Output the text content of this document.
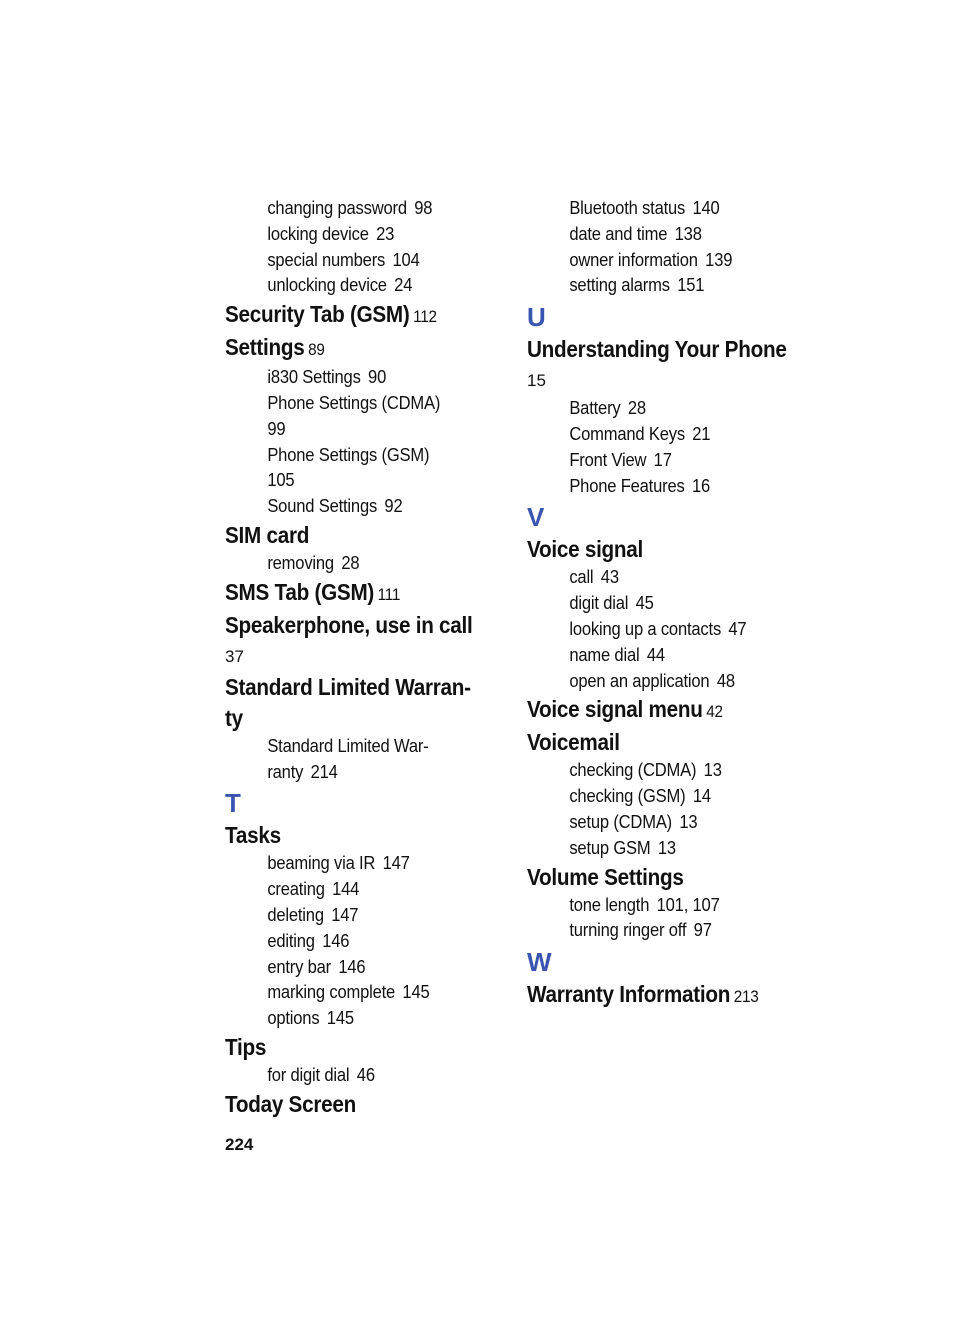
changing password 98
locking device 23
special numbers 104
unlocking device 24
Security Tab (GSM) 112
Settings 89
i830 Settings 90
Phone Settings (CDMA)
99
Phone Settings (GSM)
105
Sound Settings 92
SIM card
removing 28
SMS Tab (GSM) 111
Speakerphone, use in call
37
Standard Limited Warran-
ty
Standard Limited War-
ranty 214
T
Tasks
beaming via IR 147
creating 144
deleting 147
editing 146
entry bar 146
marking complete 145
options 145
Tips
for digit dial 46
Today Screen
Bluetooth status 140
date and time 138
owner information 139
setting alarms 151
U
Understanding Your Phone
15
Battery 28
Command Keys 21
Front View 17
Phone Features 16
V
Voice signal
call 43
digit dial 45
looking up a contacts 47
name dial 44
open an application 48
Voice signal menu 42
Voicemail
checking (CDMA) 13
checking (GSM) 14
setup (CDMA) 13
setup GSM 13
Volume Settings
tone length 101, 107
turning ringer off 97
W
Warranty Information 213
224
